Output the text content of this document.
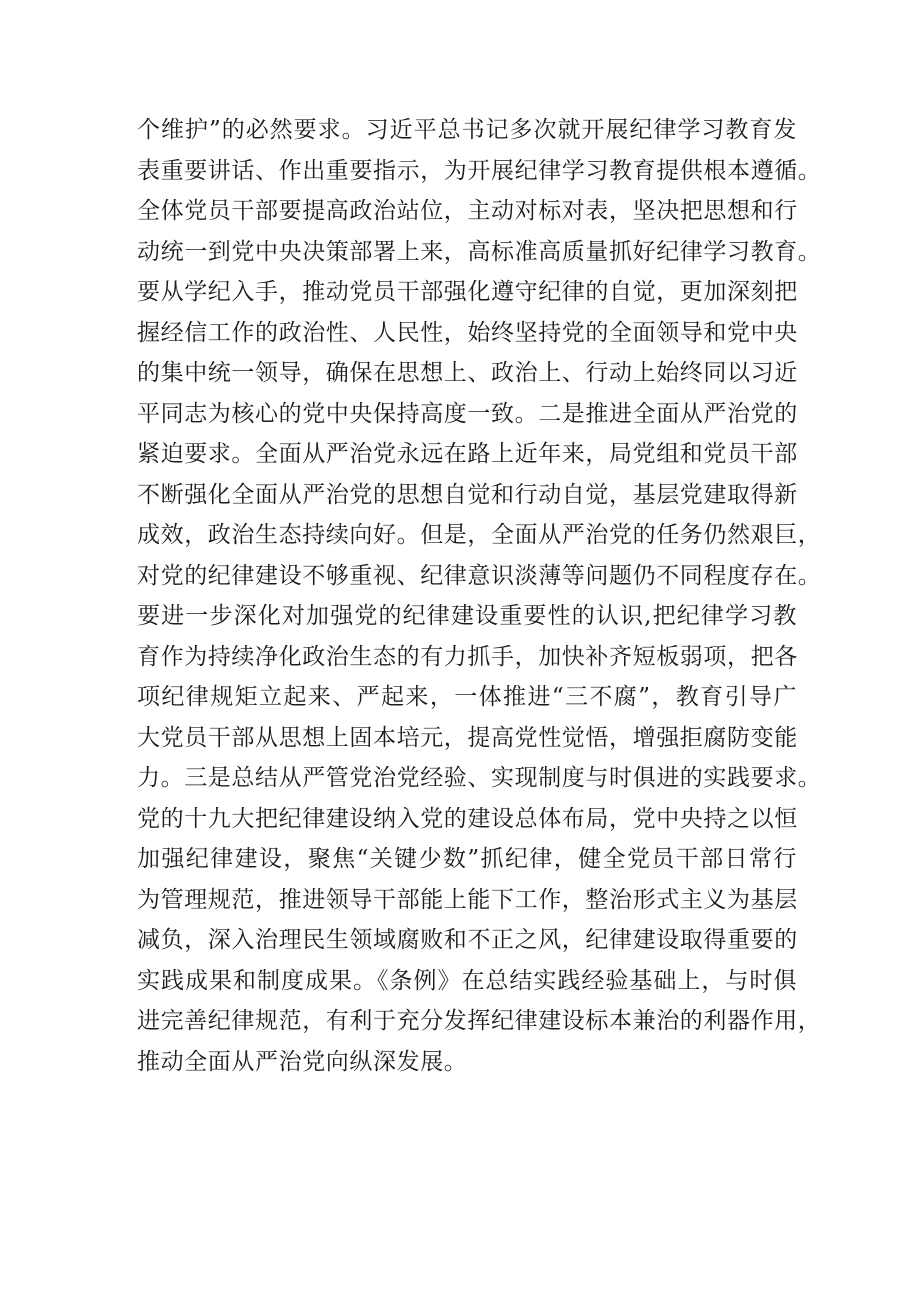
个维护”的必然要求。习近平总书记多次就开展纪律学习教育发
表重要讲话、作出重要指示，为开展纪律学习教育提供根本遵循。
全体党员干部要提高政治站位，主动对标对表，坚决把思想和行
动统一到党中央决策部署上来，高标准高质量抓好纪律学习教育。
要从学纪入手，推动党员干部强化遵守纪律的自觉，更加深刻把
握经信工作的政治性、人民性，始终坚持党的全面领导和党中央
的集中统一领导，确保在思想上、政治上、行动上始终同以习近
平同志为核心的党中央保持高度一致。二是推进全面从严治党的
紧迫要求。全面从严治党永远在路上近年来，局党组和党员干部
不断强化全面从严治党的思想自觉和行动自觉，基层党建取得新
成效，政治生态持续向好。但是，全面从严治党的任务仍然艰巨，
对党的纪律建设不够重视、纪律意识淡薄等问题仍不同程度存在。
要进一步深化对加强党的纪律建设重要性的认识,把纪律学习教
育作为持续净化政治生态的有力抓手，加快补齐短板弱项，把各
项纪律规矩立起来、严起来，一体推进“三不腐”，教育引导广
大党员干部从思想上固本培元，提高党性觉悟，增强拒腐防变能
力。三是总结从严管党治党经验、实现制度与时俱进的实践要求。
党的十九大把纪律建设纳入党的建设总体布局，党中央持之以恒
加强纪律建设，聚焦“关键少数”抓纪律，健全党员干部日常行
为管理规范，推进领导干部能上能下工作，整治形式主义为基层
减负，深入治理民生领域腐败和不正之风，纪律建设取得重要的
实践成果和制度成果。《条例》在总结实践经验基础上，与时俱
进完善纪律规范，有利于充分发挥纪律建设标本兼治的利器作用，
推动全面从严治党向纵深发展。
